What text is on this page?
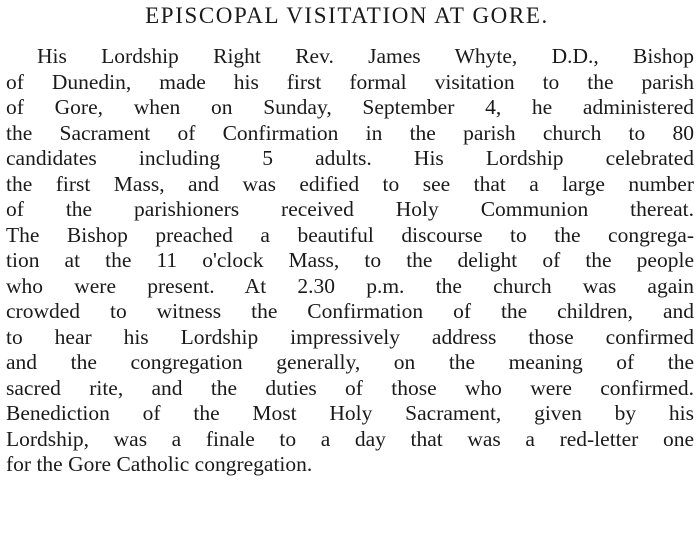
EPISCOPAL VISITATION AT GORE.
His Lordship Right Rev. James Whyte, D.D., Bishop
of Dunedin, made his first formal visitation to the parish
of Gore, when on Sunday, September 4, he administered
the Sacrament of Confirmation in the parish church to 80
candidates including 5 adults. His Lordship celebrated
the first Mass, and was edified to see that a large number
of the parishioners received Holy Communion thereat.
The Bishop preached a beautiful discourse to the congrega-
tion at the 11 o'clock Mass, to the delight of the people
who were present. At 2.30 p.m. the church was again
crowded to witness the Confirmation of the children, and
to hear his Lordship impressively address those confirmed
and the congregation generally, on the meaning of the
sacred rite, and the duties of those who were confirmed.
Benediction of the Most Holy Sacrament, given by his
Lordship, was a finale to a day that was a red-letter one
for the Gore Catholic congregation.
